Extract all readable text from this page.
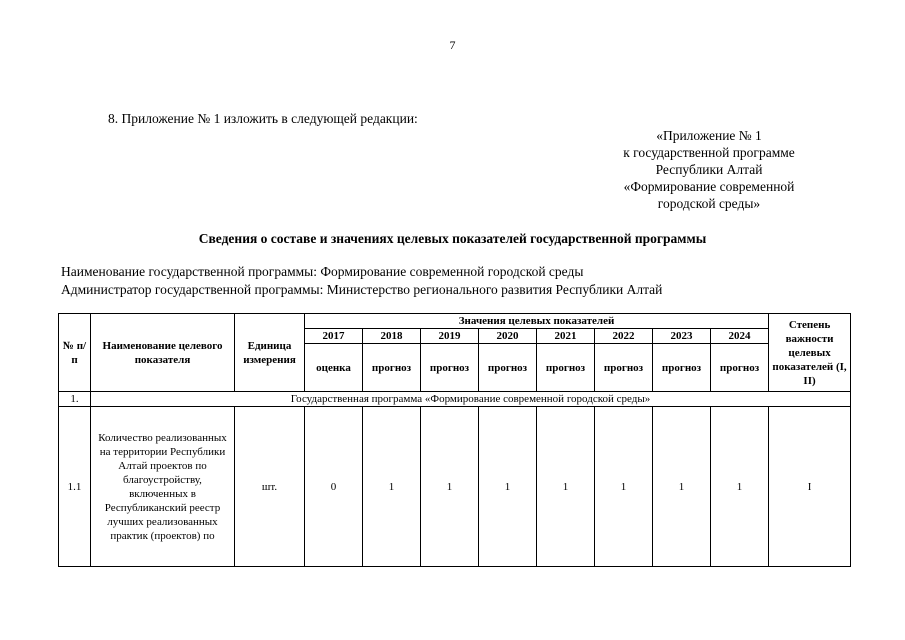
7
8. Приложение № 1 изложить в следующей редакции:
«Приложение № 1
к государственной программе
Республики Алтай
«Формирование современной
городской среды»
Сведения о составе и значениях целевых показателей государственной программы
Наименование государственной программы: Формирование современной городской среды
Администратор государственной программы: Министерство регионального развития Республики Алтай
№ п/п	Наименование целевого показателя	Единица измерения	Значения целевых показателей								Степень важности целевых показателей (I, II)
			2017	2018	2019	2020	2021	2022	2023	2024	
			оценка	прогноз	прогноз	прогноз	прогноз	прогноз	прогноз	прогноз	
1.	Государственная программа «Формирование современной городской среды»										
1.1	Количество реализованных на территории Республики Алтай проектов по благоустройству, включенных в Республиканский реестр лучших реализованных практик (проектов) по	шт.	0	1	1	1	1	1	1	1	I
